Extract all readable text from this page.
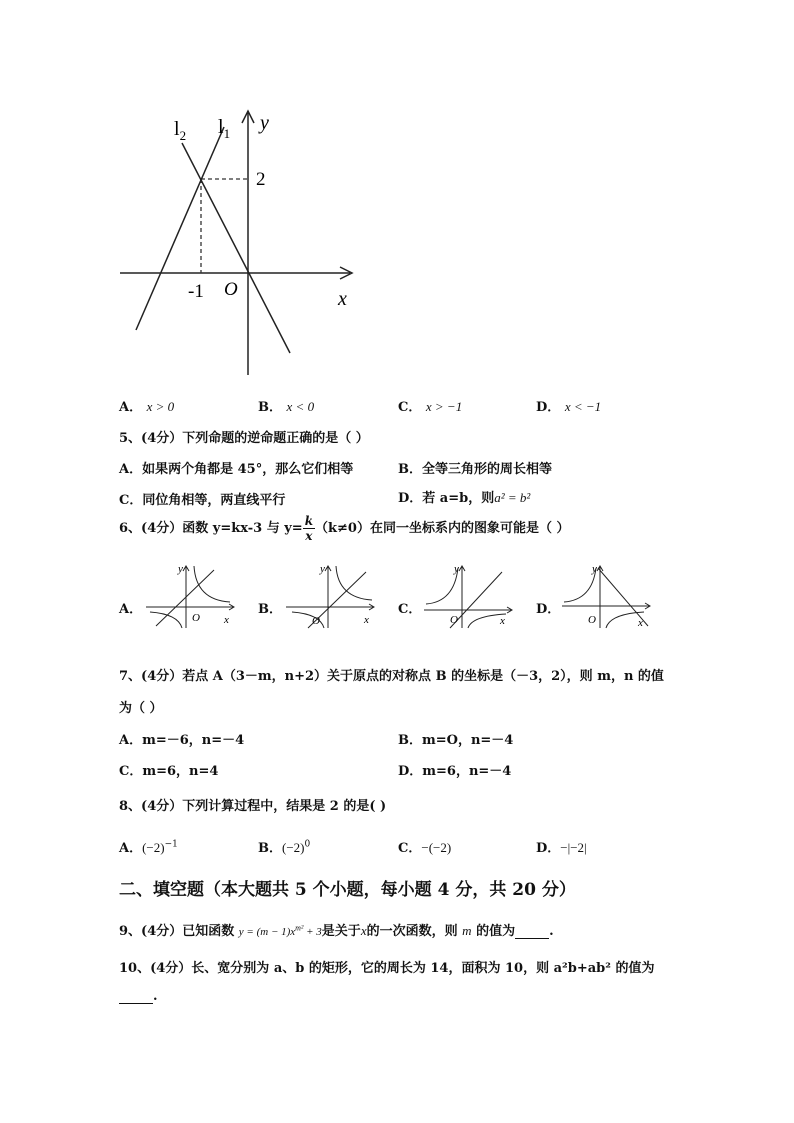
$l_1$
$l_2$
y
x
O
2
-1
A． x > 0	B． x < 0	C． x > −1	D． x < −1
5、(4分）下列命题的逆命题正确的是（ ）
A．如果两个角都是 45°，那么它们相等	B．全等三角形的周长相等
C．同位角相等，两直线平行	D．若 a=b，则a² = b²
6、(4分）函数 y=kx-3 与 $y= \frac{k}{x} (k\ne 0)$在同一坐标系内的图象可能是（ ）
A．
y
O x
B．
y
O	x
C．
y
O	x
D．
y
O	x
7、(4分）若点 A（3－m，n+2）关于原点的对称点 B 的坐标是（－3，2），则 m，n 的值
为（ ）
A．m=－6，n=－4	B．m=O，n=－4
C．m=6，n=4	D．m=6，n=－4
8、(4分）下列计算过程中，结果是 2 的是( )
A．$(-2)^{-1}$	B．$(-2)^0$	C．−(−2)	D．−|−2|
二、填空题（本大题共 5 个小题，每小题 4 分，共 20 分）
9、(4分）已知函数 $y = (m - 1)x^{m^2} + 3$是关于x的一次函数，则 m 的值为	.
10、(4分）长、宽分别为 a、b 的矩形，它的周长为 14，面积为 10，则 a²b+ab² 的值为
.
